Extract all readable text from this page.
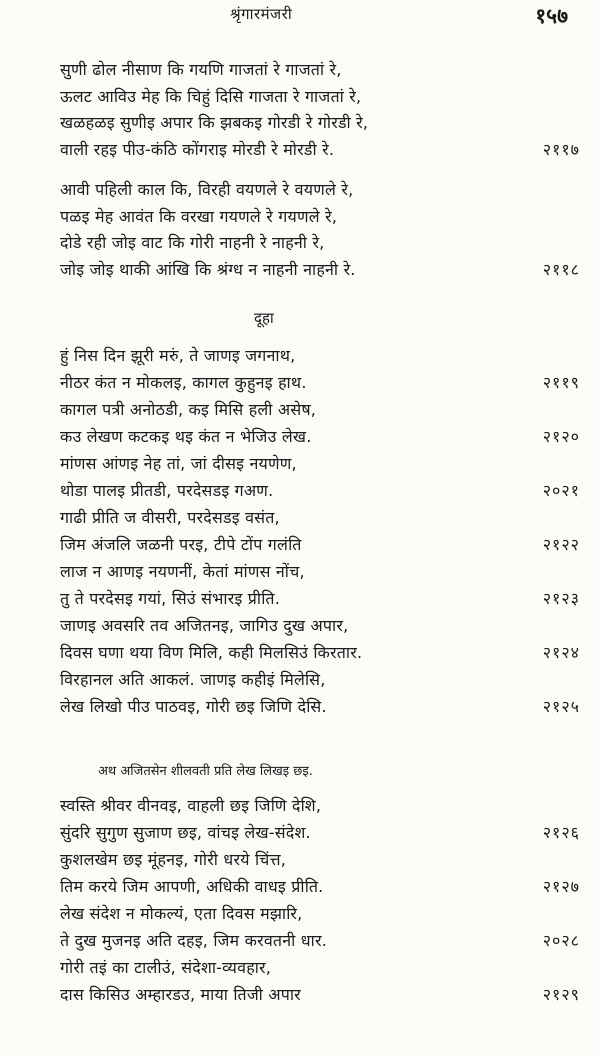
श्रृंगारमंजरी	१५७
सुणी ढोल नीसाण कि गयणि गाजतां रे गाजतां रे,
ऊलट आविउ मेह कि चिहुं दिसि गाजता रे गाजतां रे,
खळहळइ सुणीइ अपार कि झबकइ गोरडी रे गोरडी रे,
वाली रहइ पीउ-कंठि कोंगराइ मोरडी रे मोरडी रे.	२११७
आवी पहिली काल कि, विरही वयणले रे वयणले रे,
पळइ मेह आवंत कि वरखा गयणले रे गयणले रे,
दोडे रही जोइ वाट कि गोरी नाहनी रे नाहनी रे,
जोइ जोइ थाकी आंखि कि श्रंग्ध न नाहनी नाहनी रे.	२११८
दूहा
हुं निस दिन झूरी मरुं, ते जाणइ जगनाथ,
नीठर कंत न मोकलइ, कागल कुहुनइ हाथ.	२११९
कागल पत्री अनोठडी, कइ मिसि हली असेष,
कउ लेखण कटकइ थइ कंत न भेजिउ लेख.	२१२०
मांणस आंणइ नेह तां, जां दीसइ नयणेण,
थोडा पालइ प्रीतडी, परदेसडइ गअण.	२०२१
गाढी प्रीति ज वीसरी, परदेसडइ वसंत,
जिम अंजलि जळनी परइ, टीपे टोंप गलंति	२१२२
लाज न आणइ नयणनीं, केतां मांणस नोंच,
तु ते परदेसइ गयां, सिउं संभारइ प्रीति.	२१२३
जाणइ अवसरि तव अजितनइ, जागिउ दुख अपार,
दिवस घणा थया विण मिलि, कही मिलसिउं किरतार.	२१२४
विरहानल अति आकलं. जाणइ कहीइं मिलेसि,
लेख लिखो पीउ पाठवइ, गोरी छइ जिणि देसि.	२१२५
अथ अजितसेन शीलवती प्रति लेख लिखइ छइ.
स्वस्ति श्रीवर वीनवइ, वाहली छइ जिणि देशि,
सुंदरि सुगुण सुजाण छइ, वांचइ लेख-संदेश.	२१२६
कुशलखेम छइ मूंहनइ, गोरी धरये चिंत्त,
तिम करये जिम आपणी, अधिकी वाधइ प्रीति.	२१२७
लेख संदेश न मोकल्यं, एता दिवस मझारि,
ते दुख मुजनइ अति दहइ, जिम करवतनी धार.	२०२८
गोरी तइं का टालीउं, संदेशा-व्यवहार,
दास किसिउ अम्हारडउ, माया तिजी अपार	२१२९
